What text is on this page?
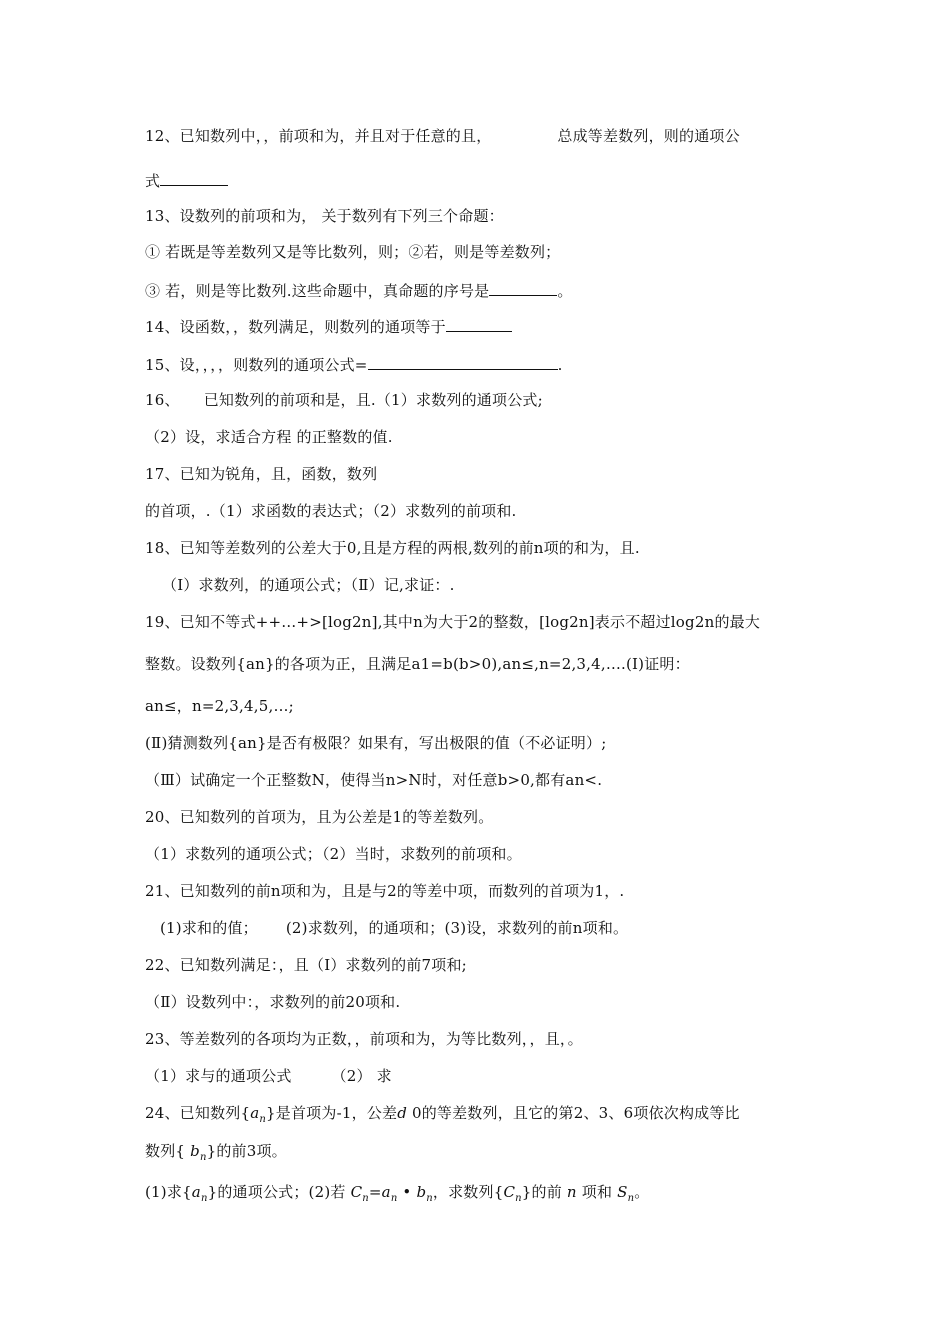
12、已知数列中，，前项和为，并且对于任意的且，	总成等差数列，则的通项公
式
13、设数列的前项和为， 关于数列有下列三个命题：
① 若既是等差数列又是等比数列，则；②若，则是等差数列；
③ 若，则是等比数列.这些命题中，真命题的序号是	。
14、设函数，，数列满足，则数列的通项等于
15、设，，，，则数列的通项公式=	.
16、 已知数列的前项和是，且.（1）求数列的通项公式;
（2）设，求适合方程 的正整数的值.
17、已知为锐角，且，函数，数列
的首项，.（1）求函数的表达式；（2）求数列的前项和.
18、已知等差数列的公差大于0,且是方程的两根,数列的前n项的和为，且.
（Ⅰ）求数列，的通项公式；（Ⅱ）记,求证：.
19、已知不等式++…+>[log2n],其中n为大于2的整数，[log2n]表示不超过log2n的最大
整数。设数列{an}的各项为正，且满足a1=b(b>0),an≤,n=2,3,4,….(Ⅰ)证明：
an≤，n=2,3,4,5,…;
(Ⅱ)猜测数列{an}是否有极限？如果有，写出极限的值（不必证明）;
（Ⅲ）试确定一个正整数N，使得当n>N时，对任意b>0,都有an<.
20、已知数列的首项为，且为公差是1的等差数列。
（1）求数列的通项公式；（2）当时，求数列的前项和。
21、已知数列的前n项和为，且是与2的等差中项，而数列的首项为1，.
(1)求和的值； (2)求数列，的通项和；(3)设，求数列的前n项和。
22、已知数列满足：，且（Ⅰ）求数列的前7项和;
（Ⅱ）设数列中：，求数列的前20项和.
23、等差数列的各项均为正数，，前项和为，为等比数列，，且，。
（1）求与的通项公式	（2） 求
24、已知数列$\{a_n\}$是首项为-1，公差d 0的等差数列，且它的第2、3、6项依次构成等比
数列{ $b_n$}的前3项。
(1)求$\{a_n\}$的通项公式；(2)若 $C_n=a_n$ • $b_n$，求数列$\{C_n\}$的前 n 项和 $S_n$。
